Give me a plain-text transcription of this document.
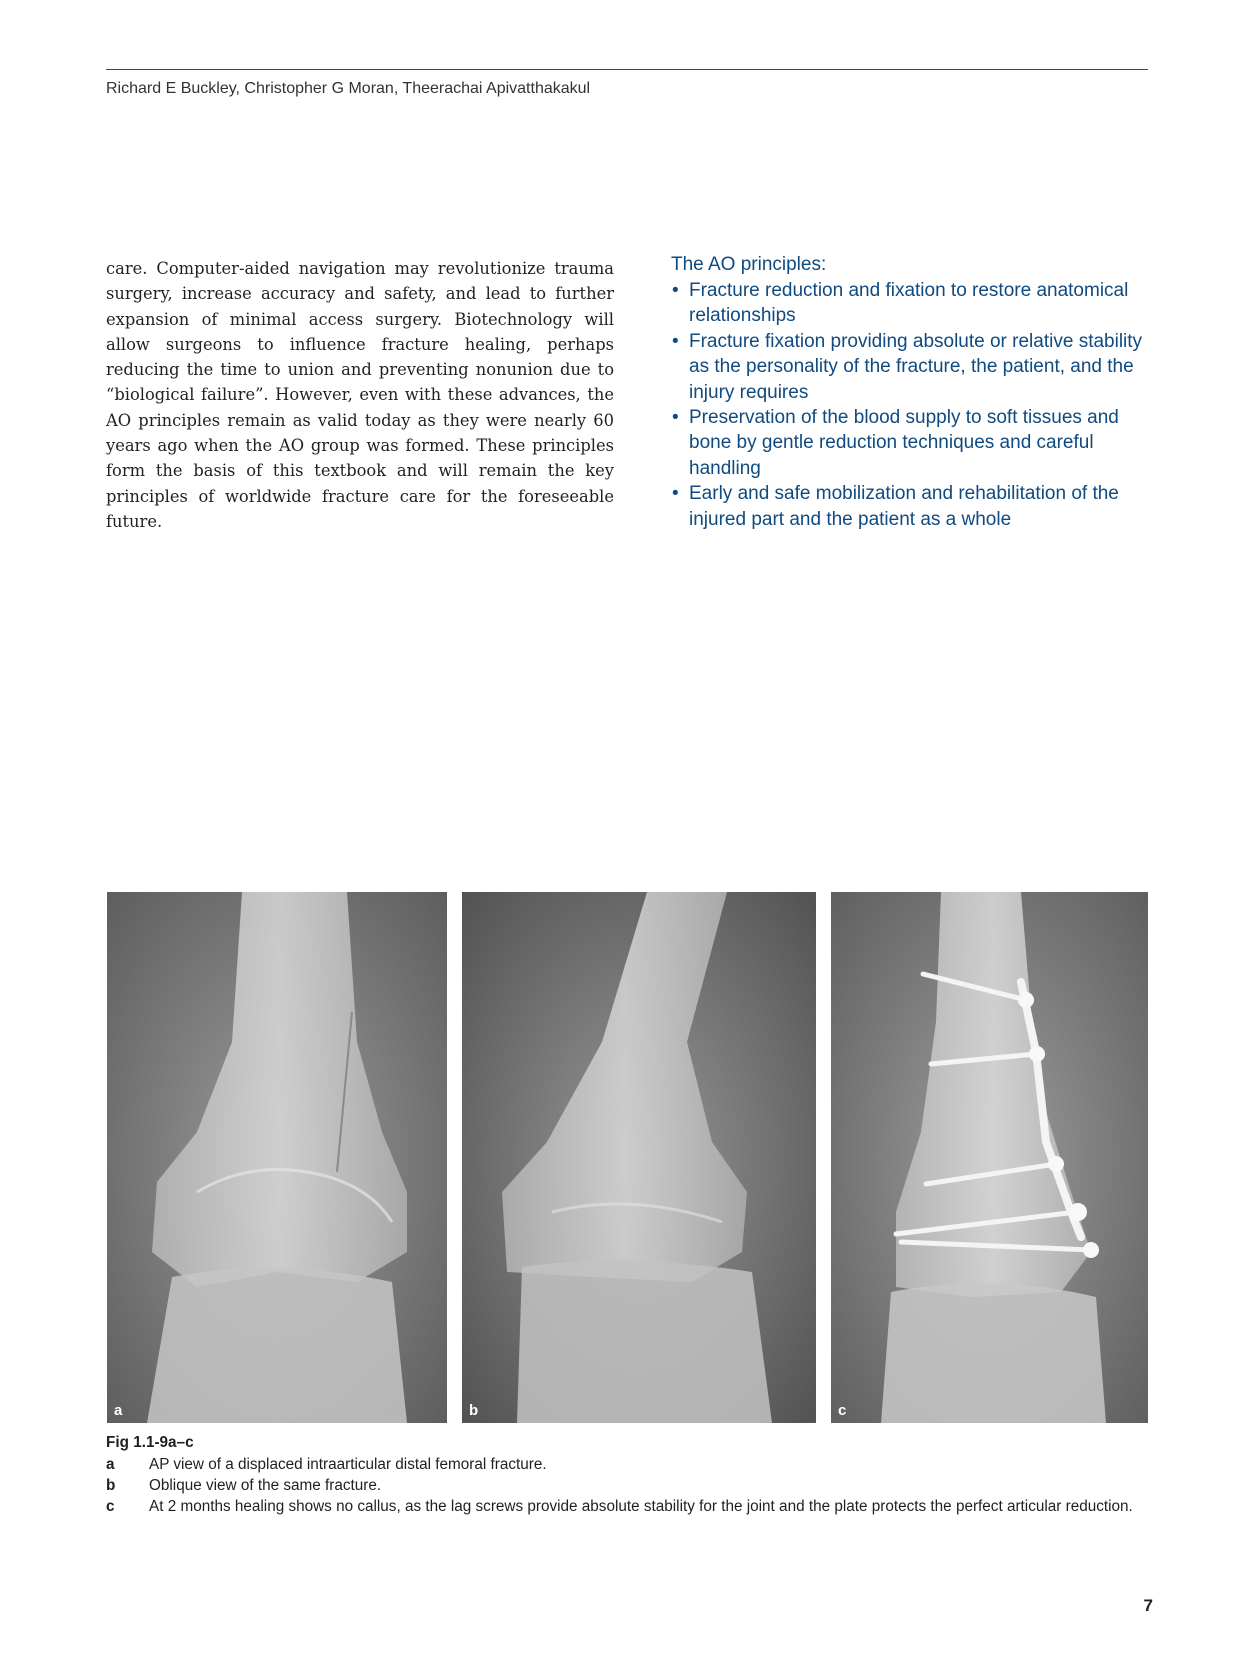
Richard E Buckley, Christopher G Moran, Theerachai Apivatthakakul

care. Computer-aided navigation may revolutionize trauma surgery, increase accuracy and safety, and lead to further expansion of minimal access surgery. Biotechnology will allow surgeons to influence fracture healing, perhaps reducing the time to union and preventing nonunion due to “biological failure”. However, even with these advances, the AO principles remain as valid today as they were nearly 60 years ago when the AO group was formed. These principles form the basis of this textbook and will remain the key principles of worldwide fracture care for the foreseeable future.

The AO principles:
• Fracture reduction and fixation to restore anatomical relationships
• Fracture fixation providing absolute or relative stability as the personality of the fracture, the patient, and the injury requires
• Preservation of the blood supply to soft tissues and bone by gentle reduction techniques and careful handling
• Early and safe mobilization and rehabilitation of the injured part and the patient as a whole
a	b	c
Fig 1.1-9a–c
a	AP view of a displaced intraarticular distal femoral fracture.
b	Oblique view of the same fracture.
c	At 2 months healing shows no callus, as the lag screws provide absolute stability for the joint and the plate protects the perfect articular reduction.
7
